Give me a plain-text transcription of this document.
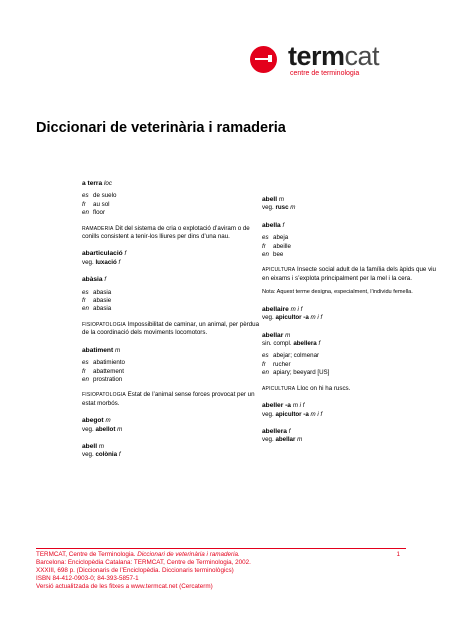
termcat
centre de terminologia
Diccionari de veterinària i ramaderia
a terra loc
es de suelo
fr au sol
en floor
RAMADERIA Dit del sistema de cria o explotació d’aviram o de conills consistent a tenir-los lliures per dins d’una nau.
abarticulació f
veg. luxació f
abàsia f
es abasia
fr abasie
en abasia
FISIOPATOLOGIA Impossibilitat de caminar, un animal, per pèrdua de la coordinació dels moviments locomotors.
abatiment m
es abatimiento
fr abattement
en prostration
FISIOPATOLOGIA Estat de l’animal sense forces provocat per un estat morbós.
abegot m
veg. abellot m
abell m
veg. colònia f
abell m
veg. rusc m
abella f
es abeja
fr abeille
en bee
APICULTURA Insecte social adult de la família dels àpids que viu en eixams i s’explota principalment per la mel i la cera.
Nota: Aquest terme designa, especialment, l’individu femella.
abellaire m i f
veg. apicultor -a m i f
abellar m
sin. compl. abellera f
es abejar; colmenar
fr rucher
en apiary; beeyard [US]
APICULTURA Lloc on hi ha ruscs.
abeller -a m i f
veg. apicultor -a m i f
abellera f
veg. abellar m
TERMCAT, Centre de Terminologia. Diccionari de veterinària i ramaderia.
Barcelona: Enciclopèdia Catalana: TERMCAT, Centre de Terminologia, 2002.
XXXIII, 698 p. (Diccionaris de l’Enciclopèdia. Diccionaris terminològics)
ISBN 84-412-0903-0; 84-393-5857-1
Versió actualitzada de les fitxes a www.termcat.net (Cercaterm)
1
